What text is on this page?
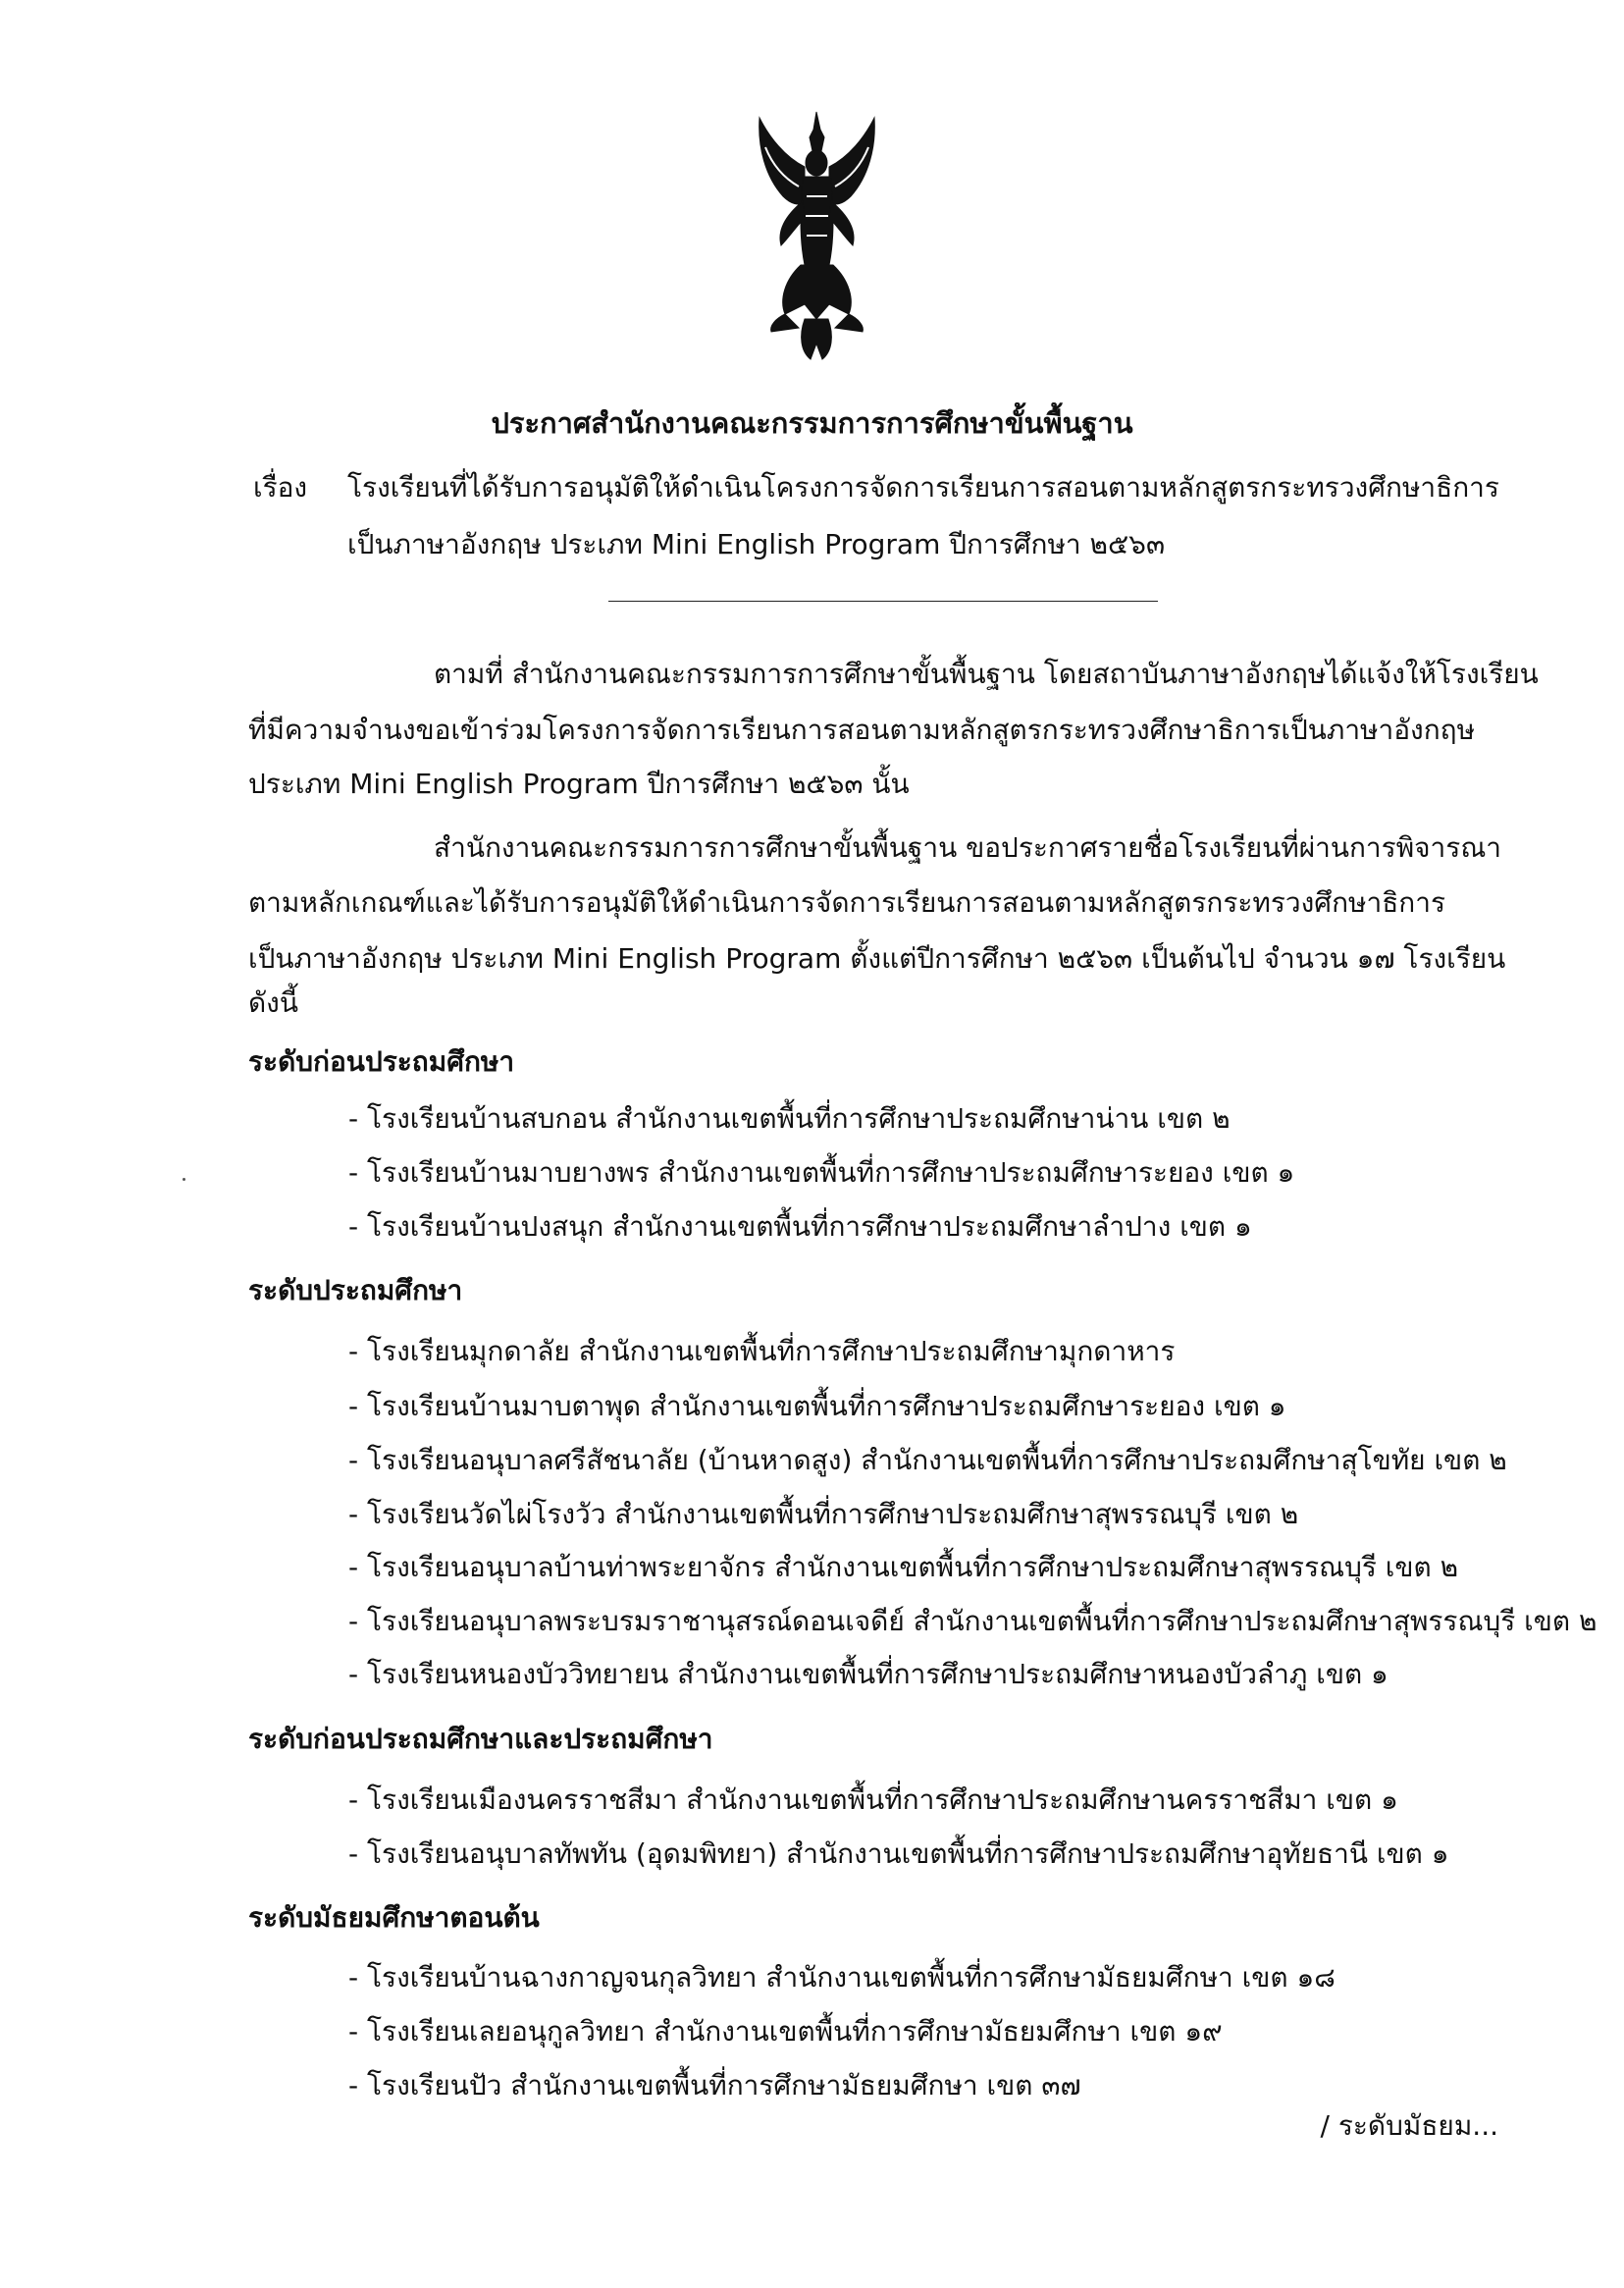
ประกาศสำนักงานคณะกรรมการการศึกษาขั้นพื้นฐาน
เรื่อง โรงเรียนที่ได้รับการอนุมัติให้ดำเนินโครงการจัดการเรียนการสอนตามหลักสูตรกระทรวงศึกษาธิการ
เป็นภาษาอังกฤษ ประเภท Mini English Program ปีการศึกษา ๒๕๖๓
ตามที่ สำนักงานคณะกรรมการการศึกษาขั้นพื้นฐาน โดยสถาบันภาษาอังกฤษได้แจ้งให้โรงเรียน
ที่มีความจำนงขอเข้าร่วมโครงการจัดการเรียนการสอนตามหลักสูตรกระทรวงศึกษาธิการเป็นภาษาอังกฤษ
ประเภท Mini English Program ปีการศึกษา ๒๕๖๓ นั้น
สำนักงานคณะกรรมการการศึกษาขั้นพื้นฐาน ขอประกาศรายชื่อโรงเรียนที่ผ่านการพิจารณา
ตามหลักเกณฑ์และได้รับการอนุมัติให้ดำเนินการจัดการเรียนการสอนตามหลักสูตรกระทรวงศึกษาธิการ
เป็นภาษาอังกฤษ ประเภท Mini English Program ตั้งแต่ปีการศึกษา ๒๕๖๓ เป็นต้นไป จำนวน ๑๗ โรงเรียน
ดังนี้
ระดับก่อนประถมศึกษา
- โรงเรียนบ้านสบกอน สำนักงานเขตพื้นที่การศึกษาประถมศึกษาน่าน เขต ๒
- โรงเรียนบ้านมาบยางพร สำนักงานเขตพื้นที่การศึกษาประถมศึกษาระยอง เขต ๑
- โรงเรียนบ้านปงสนุก สำนักงานเขตพื้นที่การศึกษาประถมศึกษาลำปาง เขต ๑
ระดับประถมศึกษา
- โรงเรียนมุกดาลัย สำนักงานเขตพื้นที่การศึกษาประถมศึกษามุกดาหาร
- โรงเรียนบ้านมาบตาพุด สำนักงานเขตพื้นที่การศึกษาประถมศึกษาระยอง เขต ๑
- โรงเรียนอนุบาลศรีสัชนาลัย (บ้านหาดสูง) สำนักงานเขตพื้นที่การศึกษาประถมศึกษาสุโขทัย เขต ๒
- โรงเรียนวัดไผ่โรงวัว สำนักงานเขตพื้นที่การศึกษาประถมศึกษาสุพรรณบุรี เขต ๒
- โรงเรียนอนุบาลบ้านท่าพระยาจักร สำนักงานเขตพื้นที่การศึกษาประถมศึกษาสุพรรณบุรี เขต ๒
- โรงเรียนอนุบาลพระบรมราชานุสรณ์ดอนเจดีย์ สำนักงานเขตพื้นที่การศึกษาประถมศึกษาสุพรรณบุรี เขต ๒
- โรงเรียนหนองบัววิทยายน สำนักงานเขตพื้นที่การศึกษาประถมศึกษาหนองบัวลำภู เขต ๑
ระดับก่อนประถมศึกษาและประถมศึกษา
- โรงเรียนเมืองนครราชสีมา สำนักงานเขตพื้นที่การศึกษาประถมศึกษานครราชสีมา เขต ๑
- โรงเรียนอนุบาลทัพทัน (อุดมพิทยา) สำนักงานเขตพื้นที่การศึกษาประถมศึกษาอุทัยธานี เขต ๑
ระดับมัธยมศึกษาตอนต้น
- โรงเรียนบ้านฉางกาญจนกุลวิทยา สำนักงานเขตพื้นที่การศึกษามัธยมศึกษา เขต ๑๘
- โรงเรียนเลยอนุกูลวิทยา สำนักงานเขตพื้นที่การศึกษามัธยมศึกษา เขต ๑๙
- โรงเรียนปัว สำนักงานเขตพื้นที่การศึกษามัธยมศึกษา เขต ๓๗
/ ระดับมัธยม...
